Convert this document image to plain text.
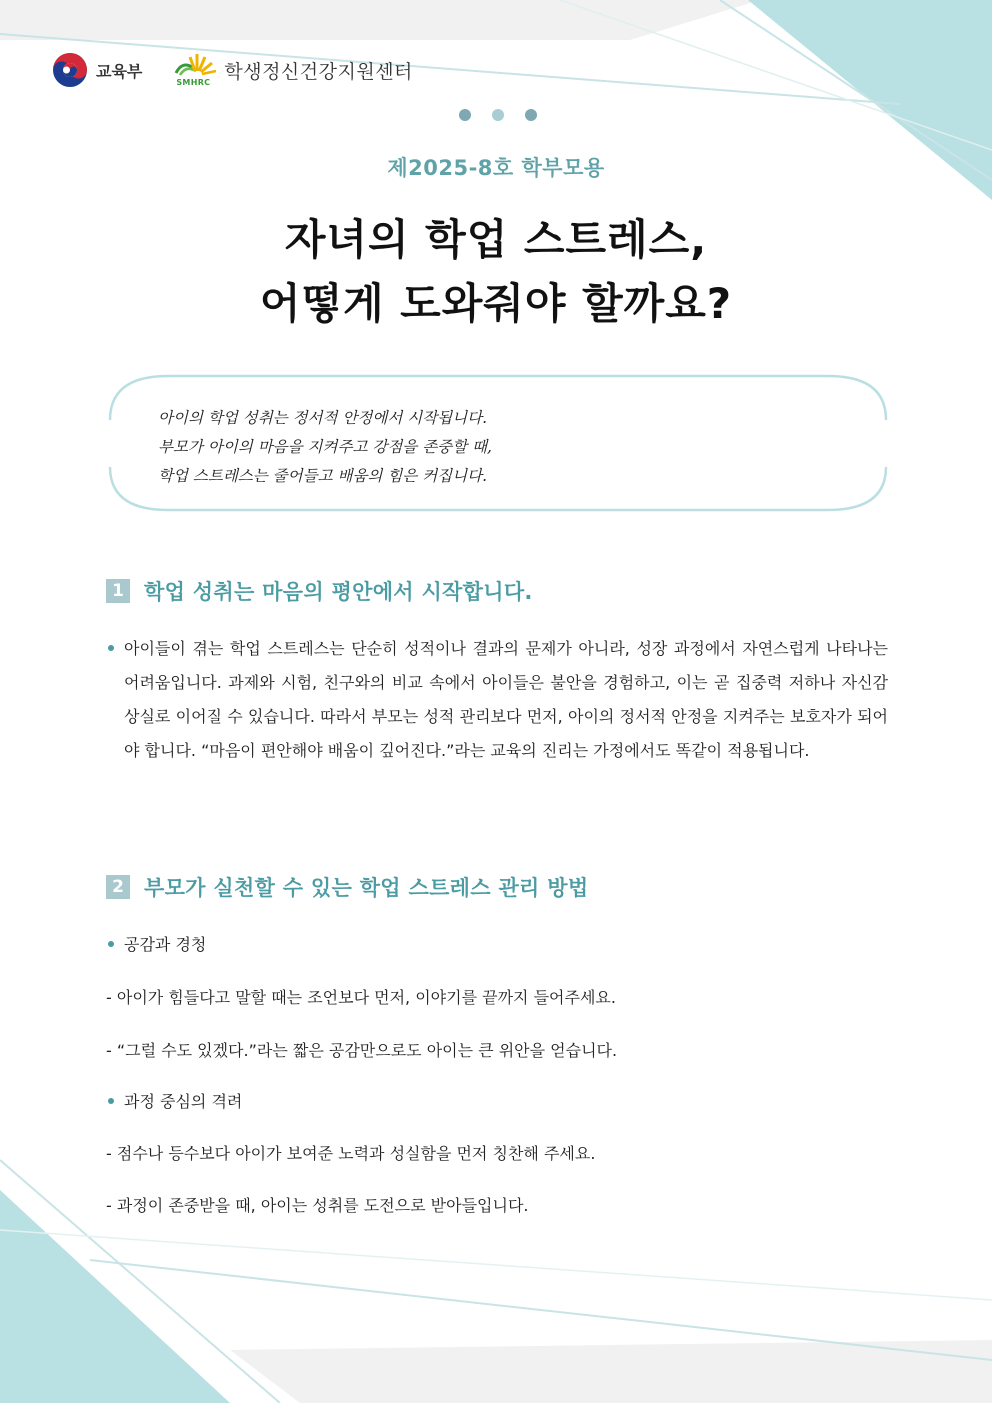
교육부
SMHRC 학생정신건강지원센터
제2025-8호 학부모용
자녀의 학업 스트레스,
어떻게 도와줘야 할까요?
아이의 학업 성취는 정서적 안정에서 시작됩니다.
부모가 아이의 마음을 지켜주고 강점을 존중할 때,
학업 스트레스는 줄어들고 배움의 힘은 커집니다.
1 학업 성취는 마음의 평안에서 시작합니다.
아이들이 겪는 학업 스트레스는 단순히 성적이나 결과의 문제가 아니라, 성장 과정에서 자연스럽게 나타나는 어려움입니다. 과제와 시험, 친구와의 비교 속에서 아이들은 불안을 경험하고, 이는 곧 집중력 저하나 자신감 상실로 이어질 수 있습니다. 따라서 부모는 성적 관리보다 먼저, 아이의 정서적 안정을 지켜주는 보호자가 되어야 합니다. “마음이 편안해야 배움이 깊어진다.”라는 교육의 진리는 가정에서도 똑같이 적용됩니다.
2 부모가 실천할 수 있는 학업 스트레스 관리 방법
공감과 경청
- 아이가 힘들다고 말할 때는 조언보다 먼저, 이야기를 끝까지 들어주세요.
- “그럴 수도 있겠다.”라는 짧은 공감만으로도 아이는 큰 위안을 얻습니다.
과정 중심의 격려
- 점수나 등수보다 아이가 보여준 노력과 성실함을 먼저 칭찬해 주세요.
- 과정이 존중받을 때, 아이는 성취를 도전으로 받아들입니다.
